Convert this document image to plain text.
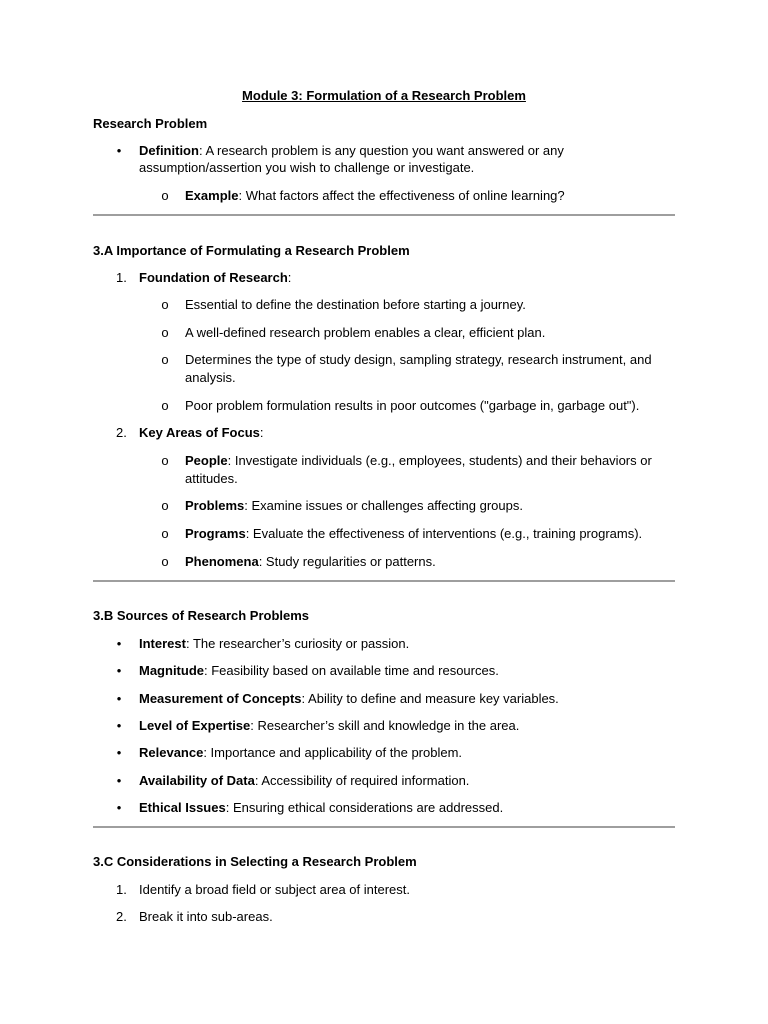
Module 3: Formulation of a Research Problem
Research Problem
• Definition: A research problem is any question you want answered or any
assumption/assertion you wish to challenge or investigate.
o Example: What factors affect the effectiveness of online learning?
3.A Importance of Formulating a Research Problem
1. Foundation of Research:
o Essential to define the destination before starting a journey.
o A well-defined research problem enables a clear, efficient plan.
o Determines the type of study design, sampling strategy, research instrument, and
analysis.
o Poor problem formulation results in poor outcomes ("garbage in, garbage out").
2. Key Areas of Focus:
o People: Investigate individuals (e.g., employees, students) and their behaviors or
attitudes.
o Problems: Examine issues or challenges affecting groups.
o Programs: Evaluate the effectiveness of interventions (e.g., training programs).
o Phenomena: Study regularities or patterns.
3.B Sources of Research Problems
• Interest: The researcher’s curiosity or passion.
• Magnitude: Feasibility based on available time and resources.
• Measurement of Concepts: Ability to define and measure key variables.
• Level of Expertise: Researcher’s skill and knowledge in the area.
• Relevance: Importance and applicability of the problem.
• Availability of Data: Accessibility of required information.
• Ethical Issues: Ensuring ethical considerations are addressed.
3.C Considerations in Selecting a Research Problem
1. Identify a broad field or subject area of interest.
2. Break it into sub-areas.
